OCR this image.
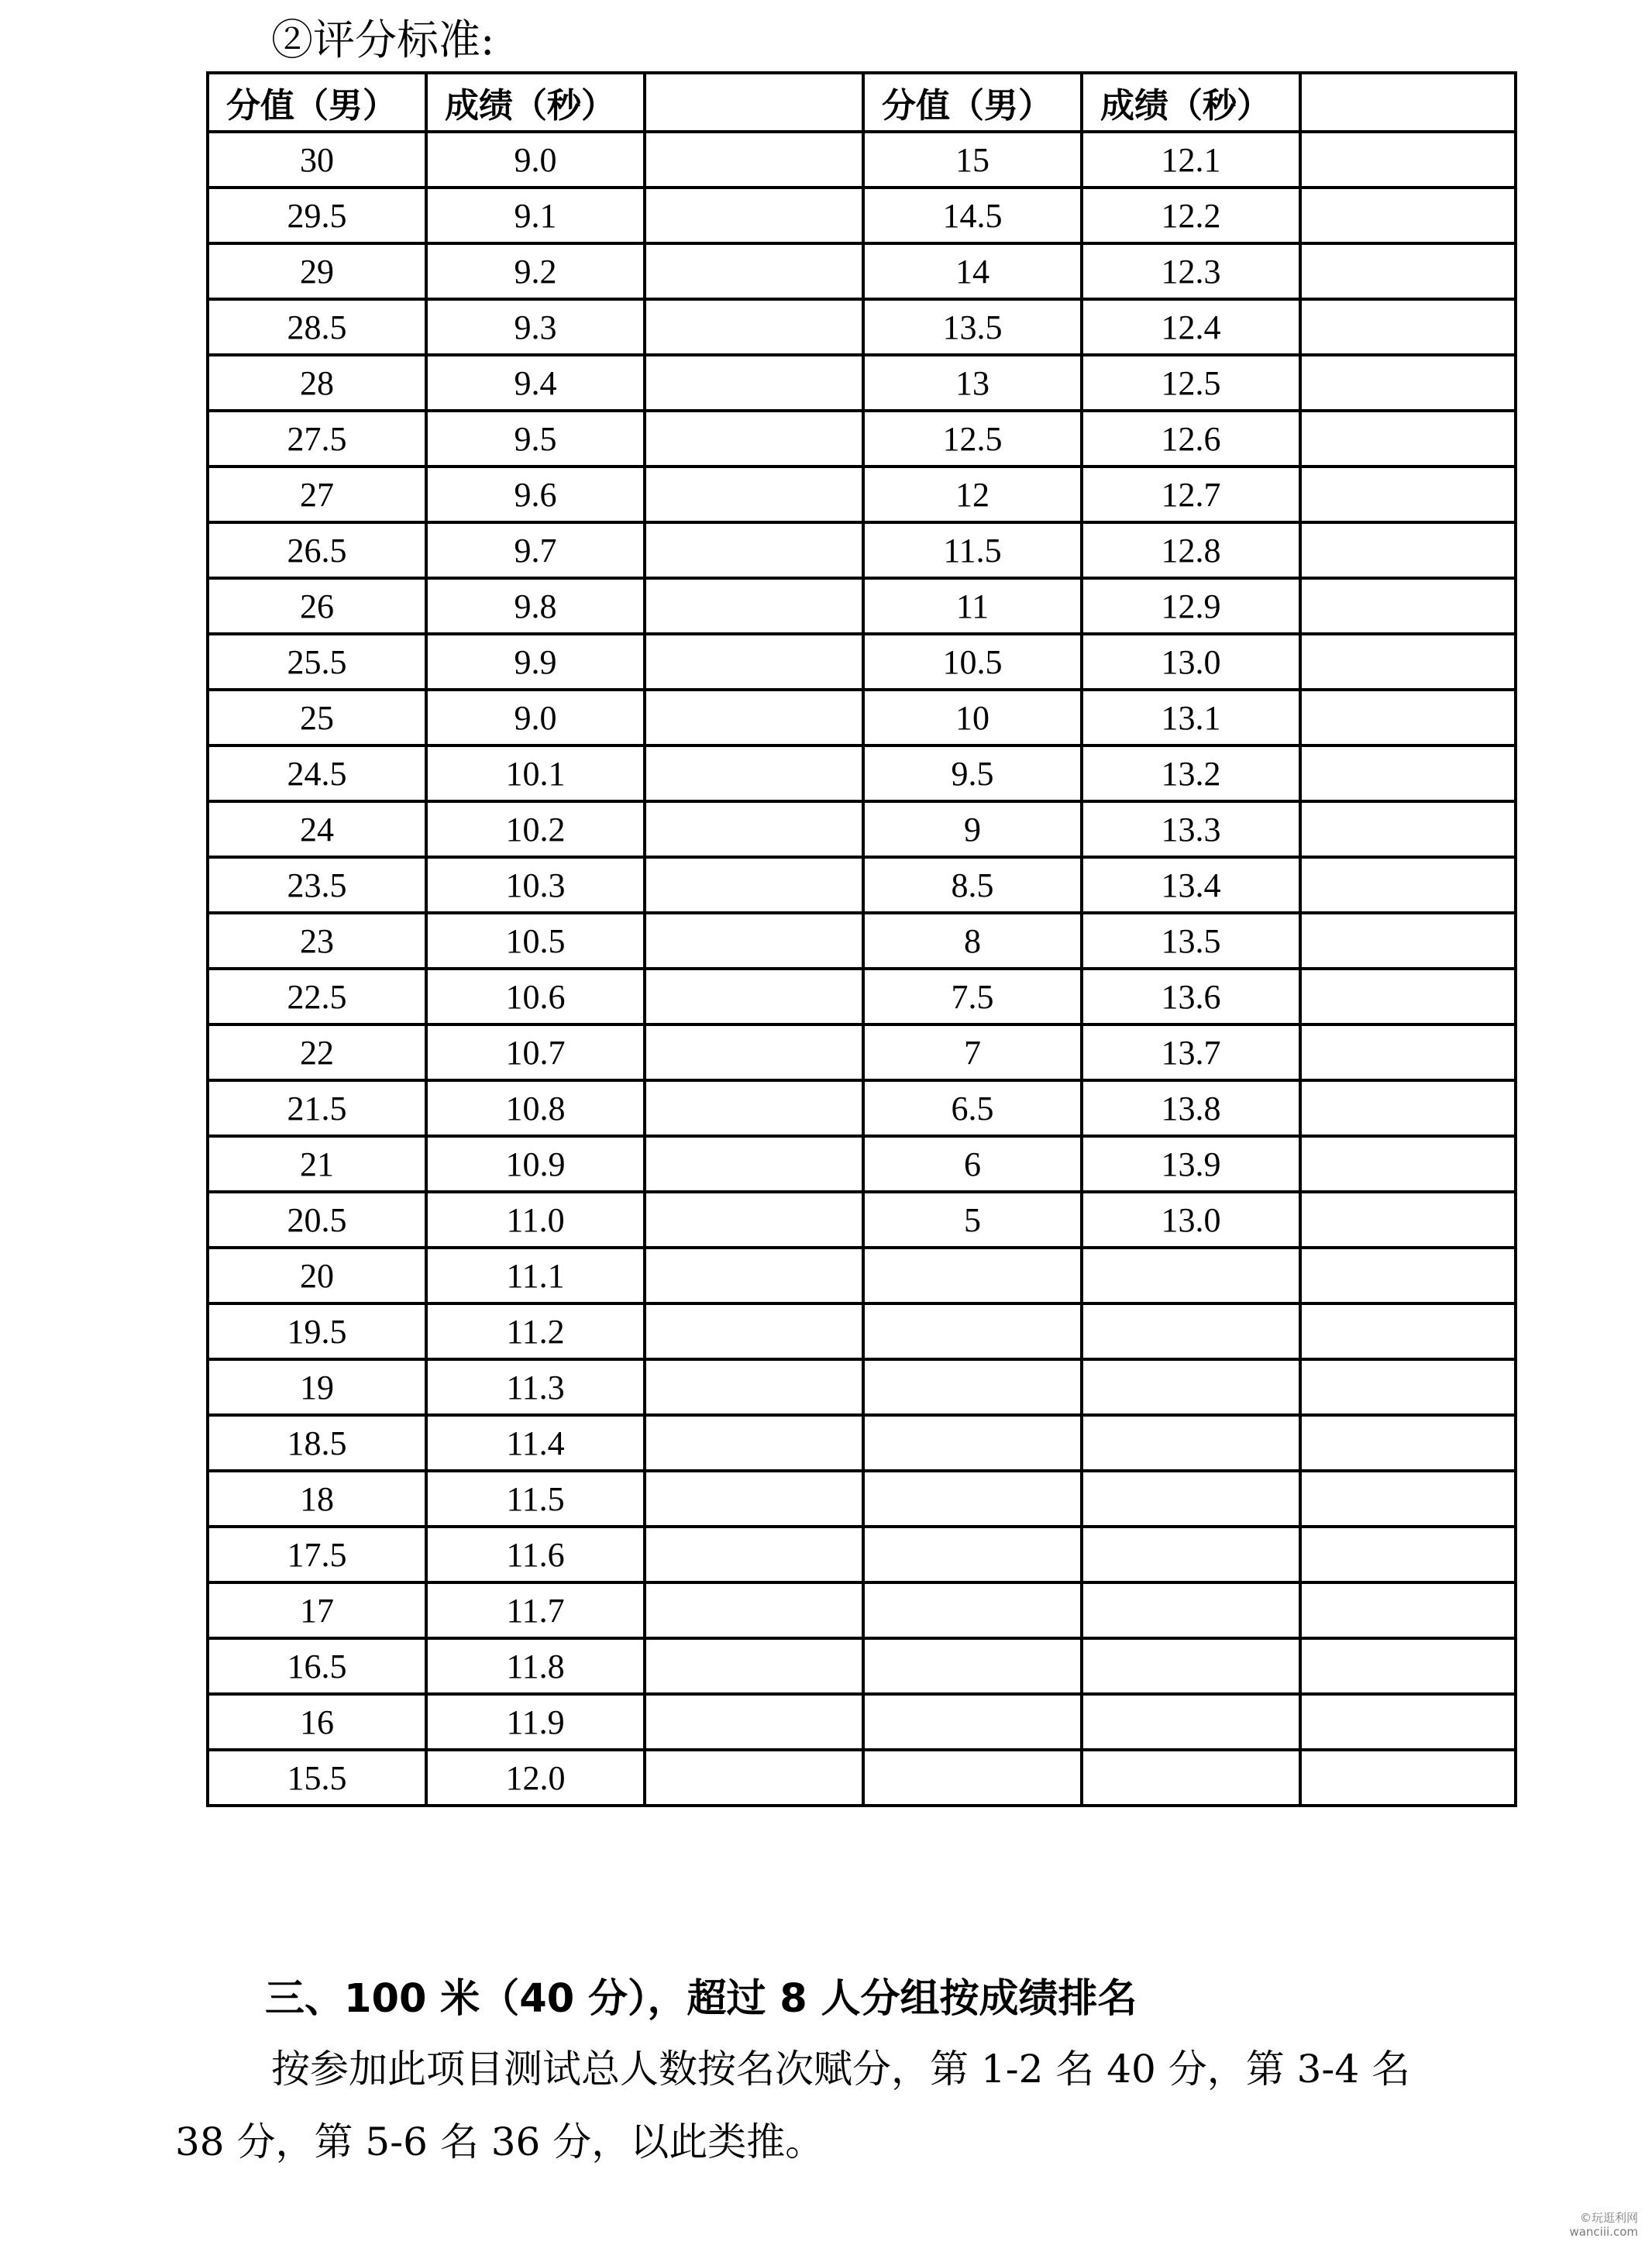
②评分标准:
分值（男）	成绩（秒）		分值（男）	成绩（秒）	
30	9.0		15	12.1	
29.5	9.1		14.5	12.2	
29	9.2		14	12.3	
28.5	9.3		13.5	12.4	
28	9.4		13	12.5	
27.5	9.5		12.5	12.6	
27	9.6		12	12.7	
26.5	9.7		11.5	12.8	
26	9.8		11	12.9	
25.5	9.9		10.5	13.0	
25	9.0		10	13.1	
24.5	10.1		9.5	13.2	
24	10.2		9	13.3	
23.5	10.3		8.5	13.4	
23	10.5		8	13.5	
22.5	10.6		7.5	13.6	
22	10.7		7	13.7	
21.5	10.8		6.5	13.8	
21	10.9		6	13.9	
20.5	11.0		5	13.0	
20	11.1				
19.5	11.2				
19	11.3				
18.5	11.4				
18	11.5				
17.5	11.6				
17	11.7				
16.5	11.8				
16	11.9				
15.5	12.0				
三、100 米（40 分），超过 8 人分组按成绩排名
按参加此项目测试总人数按名次赋分，第 1-2 名 40 分，第 3-4 名
38 分，第 5-6 名 36 分，以此类推。
©玩逛利网
wanciii.com
